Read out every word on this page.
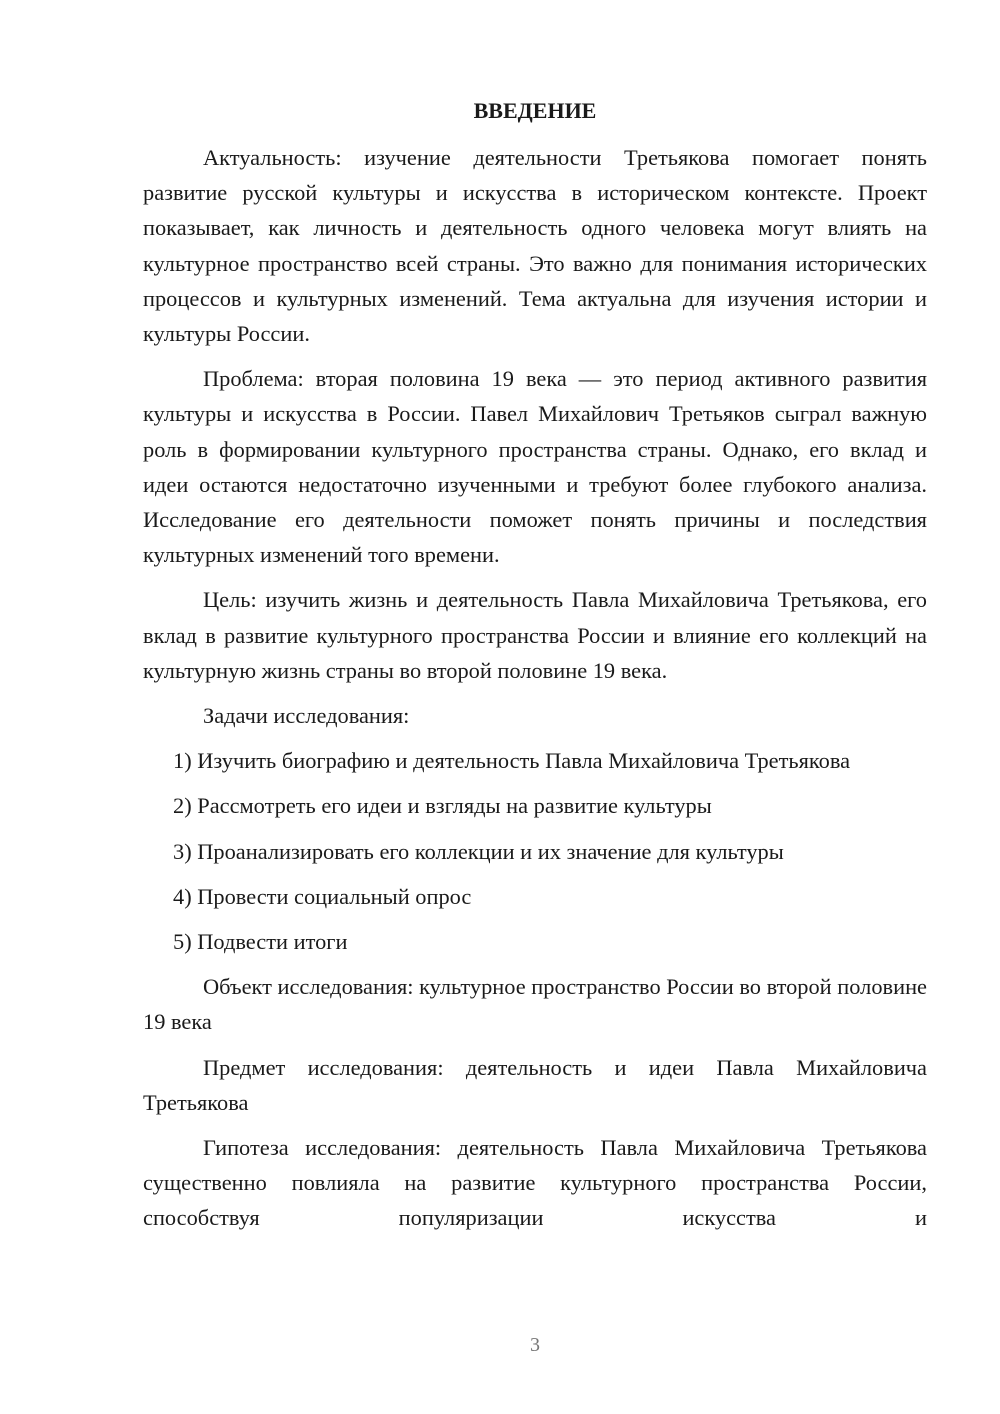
ВВЕДЕНИЕ

Актуальность: изучение деятельности Третьякова помогает понять развитие русской культуры и искусства в историческом контексте. Проект показывает, как личность и деятельность одного человека могут влиять на культурное пространство всей страны. Это важно для понимания исторических процессов и культурных изменений. Тема актуальна для изучения истории и культуры России.

Проблема: вторая половина 19 века — это период активного развития культуры и искусства в России. Павел Михайлович Третьяков сыграл важную роль в формировании культурного пространства страны. Однако, его вклад и идеи остаются недостаточно изученными и требуют более глубокого анализа. Исследование его деятельности поможет понять причины и последствия культурных изменений того времени.

Цель: изучить жизнь и деятельность Павла Михайловича Третьякова, его вклад в развитие культурного пространства России и влияние его коллекций на культурную жизнь страны во второй половине 19 века.

Задачи исследования:

1) Изучить биографию и деятельность Павла Михайловича Третьякова

2) Рассмотреть его идеи и взгляды на развитие культуры

3) Проанализировать его коллекции и их значение для культуры

4) Провести социальный опрос

5) Подвести итоги

Объект исследования: культурное пространство России во второй половине 19 века

Предмет исследования: деятельность и идеи Павла Михайловича Третьякова

Гипотеза исследования: деятельность Павла Михайловича Третьякова существенно повлияла на развитие культурного пространства России, способствуя популяризации искусства и

3
